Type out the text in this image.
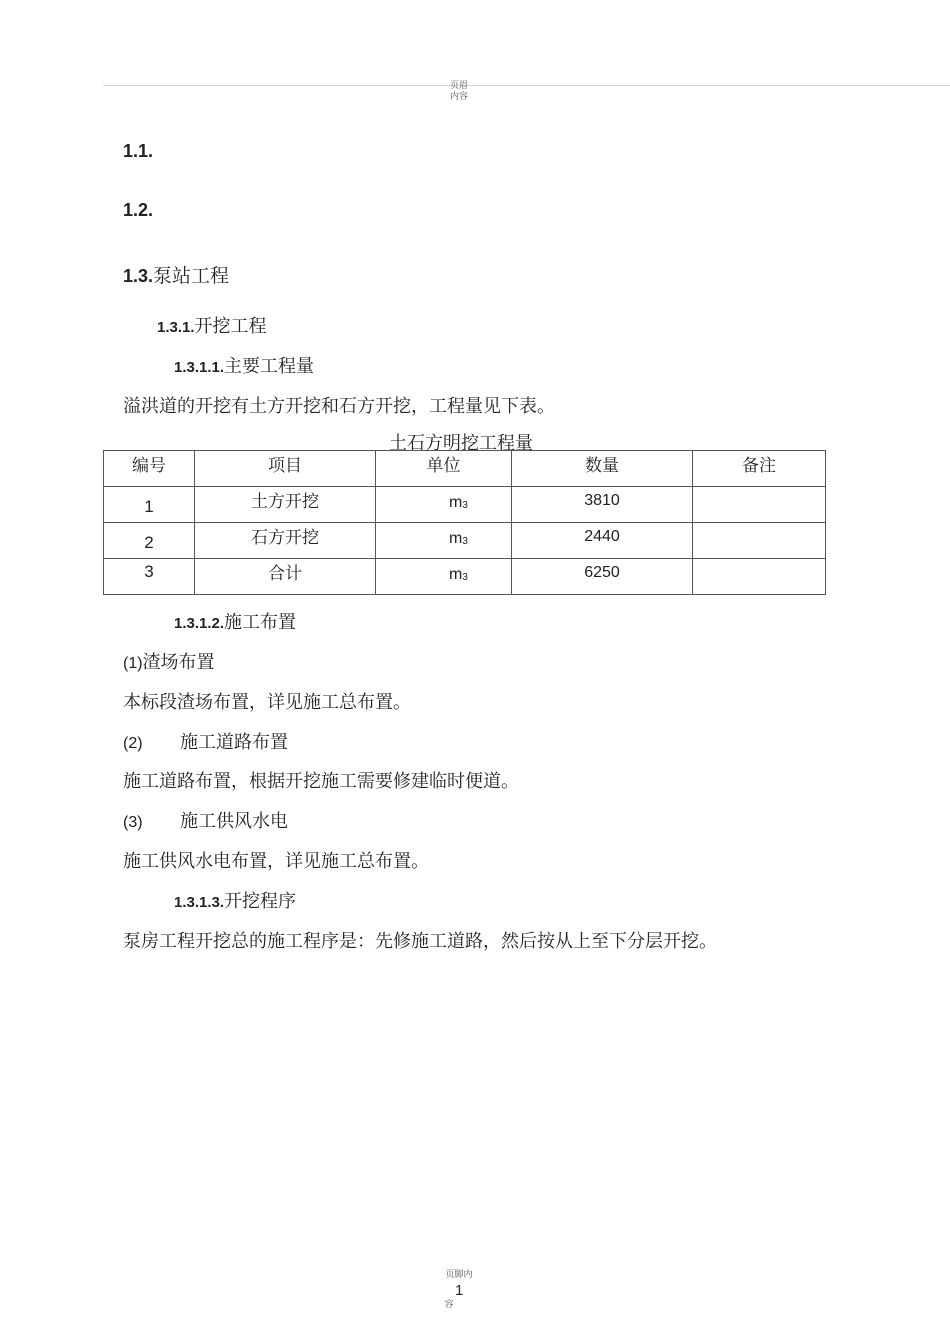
页眉
内容
1.1.
1.2.
1.3.泵站工程
1.3.1.开挖工程
1.3.1.1.主要工程量
溢洪道的开挖有土方开挖和石方开挖，工程量见下表。
土石方明挖工程量
编号	项目	单位	数量	备注
1	土方开挖	$m^3$	3810	
2	石方开挖	$m^3$	2440	
3	合计	$m^3$	6250	
1.3.1.2.施工布置
(1)渣场布置
本标段渣场布置，详见施工总布置。
(2) 施工道路布置
施工道路布置，根据开挖施工需要修建临时便道。
(3) 施工供风水电
施工供风水电布置，详见施工总布置。
1.3.1.3.开挖程序
泵房工程开挖总的施工程序是：先修施工道路，然后按从上至下分层开挖。
页脚内
1
容
